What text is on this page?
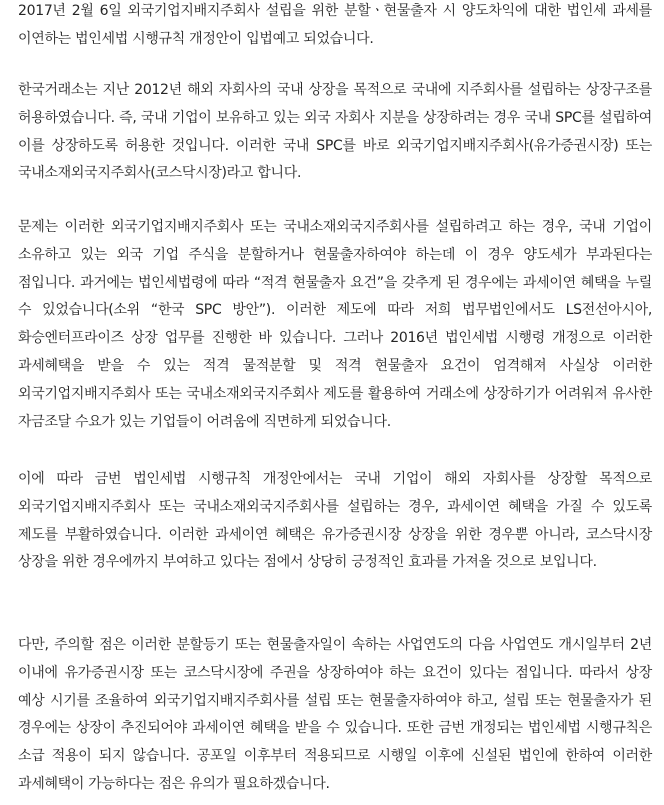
2017년 2월 6일 외국기업지배지주회사 설립을 위한 분할ㆍ현물출자 시 양도차익에 대한 법인세 과세를 이연하는 법인세법 시행규칙 개정안이 입법예고 되었습니다.

한국거래소는 지난 2012년 해외 자회사의 국내 상장을 목적으로 국내에 지주회사를 설립하는 상장구조를 허용하였습니다. 즉, 국내 기업이 보유하고 있는 외국 자회사 지분을 상장하려는 경우 국내 SPC를 설립하여 이를 상장하도록 허용한 것입니다. 이러한 국내 SPC를 바로 외국기업지배지주회사(유가증권시장) 또는 국내소재외국지주회사(코스닥시장)라고 합니다.

문제는 이러한 외국기업지배지주회사 또는 국내소재외국지주회사를 설립하려고 하는 경우, 국내 기업이 소유하고 있는 외국 기업 주식을 분할하거나 현물출자하여야 하는데 이 경우 양도세가 부과된다는 점입니다. 과거에는 법인세법령에 따라 “적격 현물출자 요건”을 갖추게 된 경우에는 과세이연 혜택을 누릴 수 있었습니다(소위 “한국 SPC 방안”). 이러한 제도에 따라 저희 법무법인에서도 LS전선아시아, 화승엔터프라이즈 상장 업무를 진행한 바 있습니다. 그러나 2016년 법인세법 시행령 개정으로 이러한 과세혜택을 받을 수 있는 적격 물적분할 및 적격 현물출자 요건이 엄격해져 사실상 이러한 외국기업지배지주회사 또는 국내소재외국지주회사 제도를 활용하여 거래소에 상장하기가 어려워져 유사한 자금조달 수요가 있는 기업들이 어려움에 직면하게 되었습니다.

이에 따라 금번 법인세법 시행규칙 개정안에서는 국내 기업이 해외 자회사를 상장할 목적으로 외국기업지배지주회사 또는 국내소재외국지주회사를 설립하는 경우, 과세이연 혜택을 가질 수 있도록 제도를 부활하였습니다. 이러한 과세이연 혜택은 유가증권시장 상장을 위한 경우뿐 아니라, 코스닥시장 상장을 위한 경우에까지 부여하고 있다는 점에서 상당히 긍정적인 효과를 가져올 것으로 보입니다.

다만, 주의할 점은 이러한 분할등기 또는 현물출자일이 속하는 사업연도의 다음 사업연도 개시일부터 2년 이내에 유가증권시장 또는 코스닥시장에 주권을 상장하여야 하는 요건이 있다는 점입니다. 따라서 상장 예상 시기를 조율하여 외국기업지배지주회사를 설립 또는 현물출자하여야 하고, 설립 또는 현물출자가 된 경우에는 상장이 추진되어야 과세이연 혜택을 받을 수 있습니다. 또한 금번 개정되는 법인세법 시행규칙은 소급 적용이 되지 않습니다. 공포일 이후부터 적용되므로 시행일 이후에 신설된 법인에 한하여 이러한 과세혜택이 가능하다는 점은 유의가 필요하겠습니다.
